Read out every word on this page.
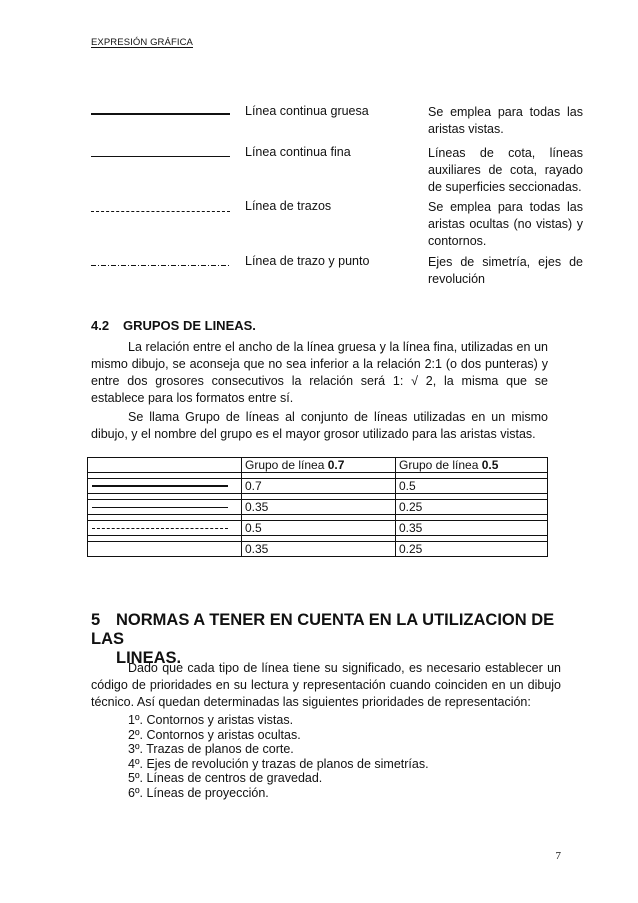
EXPRESIÓN GRÁFICA
Línea continua gruesa	Se emplea para todas las aristas vistas.
Línea continua fina	Líneas de cota, líneas auxiliares de cota, rayado de superficies seccionadas.
Línea de trazos	Se emplea para todas las aristas ocultas (no vistas) y contornos.
Línea de trazo y punto	Ejes de simetría, ejes de revolución
4.2 GRUPOS DE LINEAS.
La relación entre el ancho de la línea gruesa y la línea fina, utilizadas en un mismo dibujo, se aconseja que no sea inferior a la relación 2:1 (o dos punteras) y entre dos grosores consecutivos la relación será 1: √ 2, la misma que se establece para los formatos entre sí.
Se llama Grupo de líneas al conjunto de líneas utilizadas en un mismo dibujo, y el nombre del grupo es el mayor grosor utilizado para las aristas vistas.
	Grupo de línea 0.7	Grupo de línea 0.5

	0.7	0.5

	0.35	0.25

	0.5	0.35

	0.35	0.25
5 NORMAS A TENER EN CUENTA EN LA UTILIZACION DE LAS
LINEAS.
Dado que cada tipo de línea tiene su significado, es necesario establecer un código de prioridades en su lectura y representación cuando coinciden en un dibujo técnico. Así quedan determinadas las siguientes prioridades de representación:
1º. Contornos y aristas vistas.
2º. Contornos y aristas ocultas.
3º. Trazas de planos de corte.
4º. Ejes de revolución y trazas de planos de simetrías.
5º. Líneas de centros de gravedad.
6º. Líneas de proyección.
7
